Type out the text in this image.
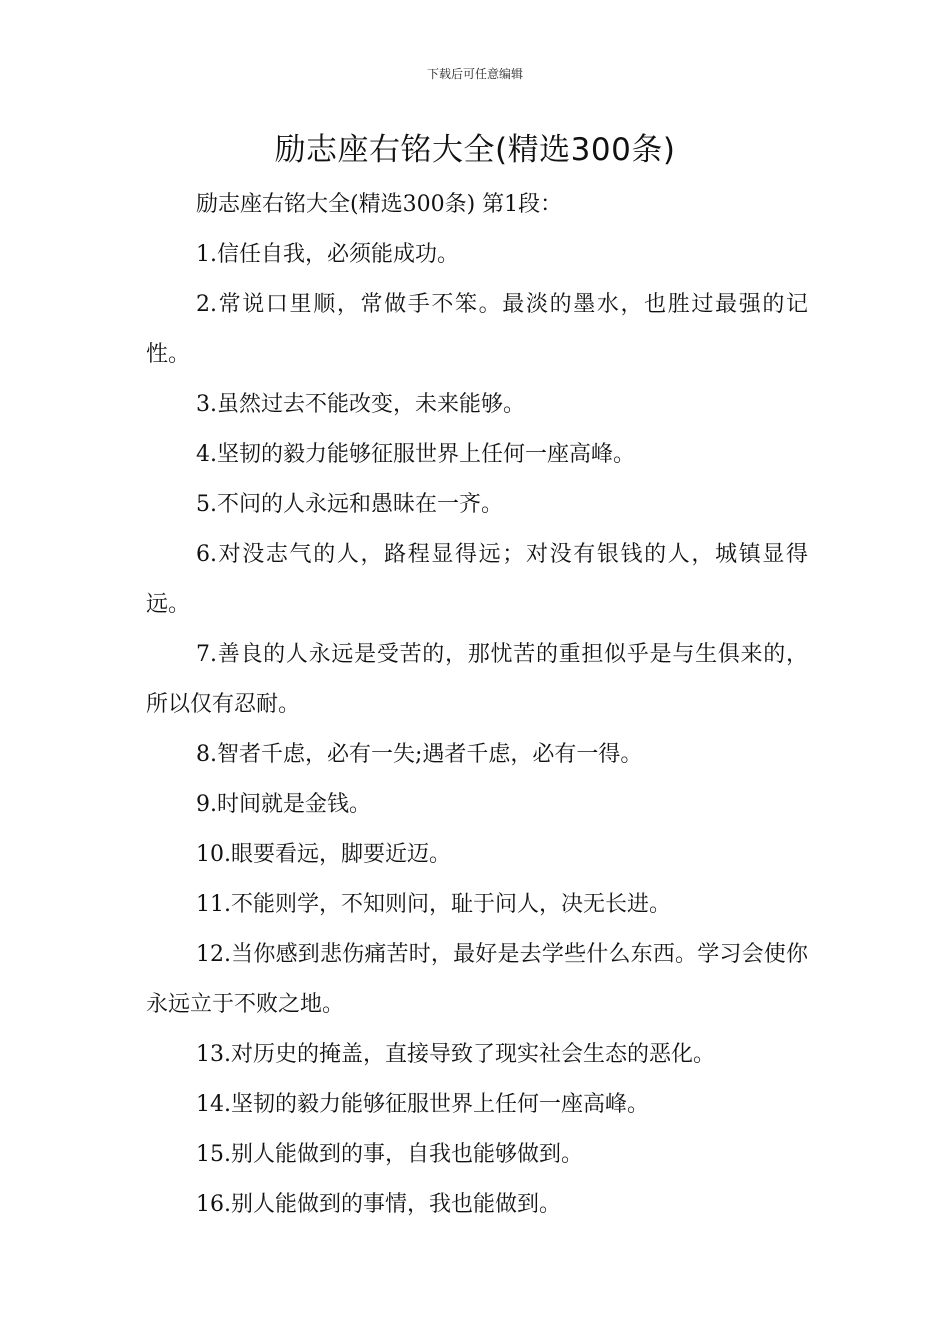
下载后可任意编辑
励志座右铭大全(精选300条)

励志座右铭大全(精选300条) 第1段：

1.信任自我，必须能成功。

2.常说口里顺，常做手不笨。最淡的墨水，也胜过最强的记性。

3.虽然过去不能改变，未来能够。

4.坚韧的毅力能够征服世界上任何一座高峰。

5.不问的人永远和愚昧在一齐。

6.对没志气的人，路程显得远；对没有银钱的人，城镇显得远。

7.善良的人永远是受苦的，那忧苦的重担似乎是与生俱来的，所以仅有忍耐。

8.智者千虑，必有一失;遇者千虑，必有一得。

9.时间就是金钱。

10.眼要看远，脚要近迈。

11.不能则学，不知则问，耻于问人，决无长进。

12.当你感到悲伤痛苦时，最好是去学些什么东西。学习会使你永远立于不败之地。

13.对历史的掩盖，直接导致了现实社会生态的恶化。

14.坚韧的毅力能够征服世界上任何一座高峰。

15.别人能做到的事，自我也能够做到。

16.别人能做到的事情，我也能做到。
